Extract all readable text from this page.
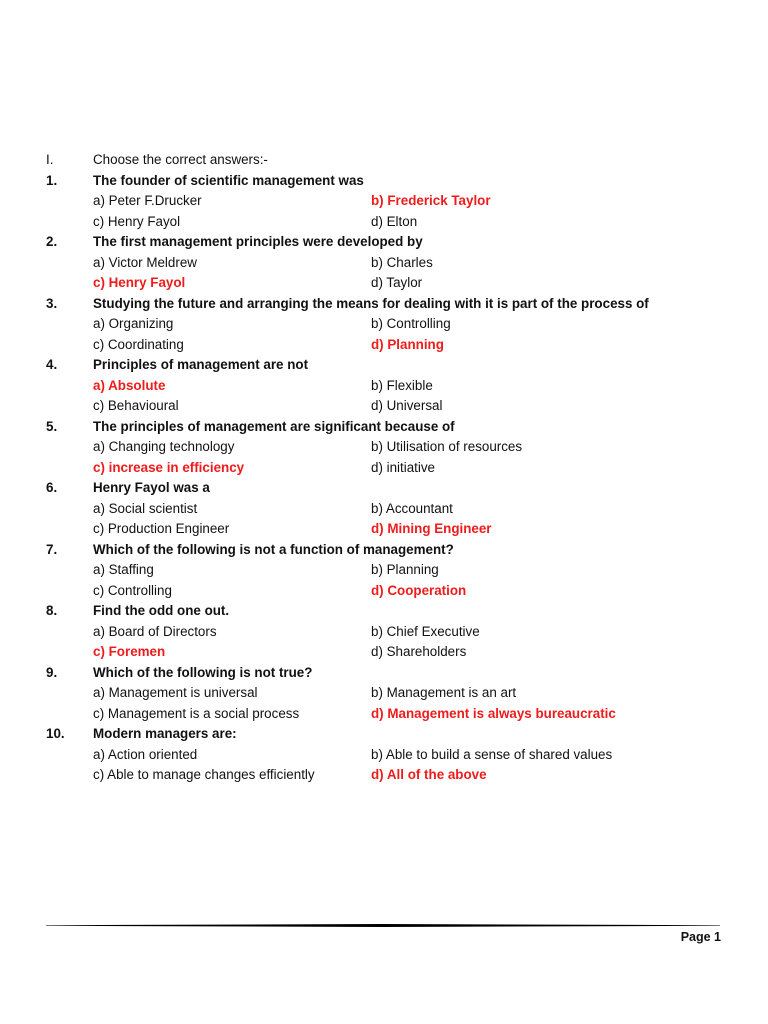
I.	Choose the correct answers:-
1.	The founder of scientific management was
a) Peter F.Drucker	b) Frederick Taylor
c) Henry Fayol	d) Elton
2.	The first management principles were developed by
a) Victor Meldrew	b) Charles
c) Henry Fayol	d) Taylor
3.	Studying the future and arranging the means for dealing with it is part of the process of
a) Organizing	b) Controlling
c) Coordinating	d) Planning
4.	Principles of management are not
a) Absolute	b) Flexible
c) Behavioural	d) Universal
5.	The principles of management are significant because of
a) Changing technology	b) Utilisation of resources
c) increase in efficiency	d) initiative
6.	Henry Fayol was a
a) Social scientist	b) Accountant
c) Production Engineer	d) Mining Engineer
7.	Which of the following is not a function of management?
a) Staffing	b) Planning
c) Controlling	d) Cooperation
8.	Find the odd one out.
a) Board of Directors	b) Chief Executive
c) Foremen	d) Shareholders
9.	Which of the following is not true?
a) Management is universal	b) Management is an art
c) Management is a social process	d) Management is always bureaucratic
10. Modern managers are:
a) Action oriented	b) Able to build a sense of shared values
c) Able to manage changes efficiently	d) All of the above
Page 1
